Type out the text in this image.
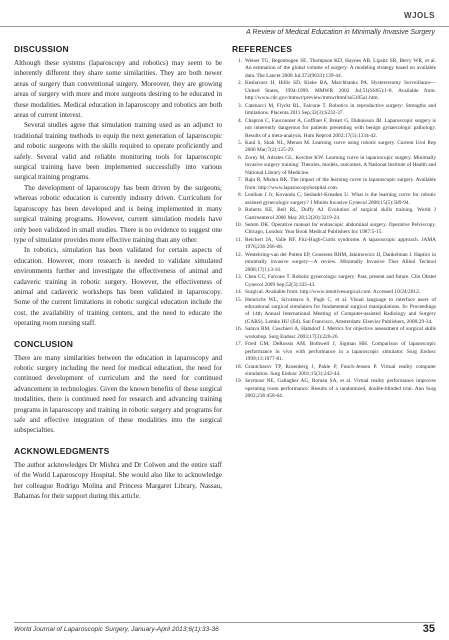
WJOLS
A Review of Medical Education in Minimally Invasive Surgery
DISCUSSION

Although these systems (laparoscopy and robotics) may seem to be inherently different they share some similarities. They are both newer areas of surgery than conventional surgery. Moreover, they are growing areas of surgery with more and more surgeons desiring to be educated in these modalities. Medical education in laparoscopy and robotics are both areas of current interest.

Several studies agree that simulation training used as an adjunct to traditional training methods to equip the next generation of laparoscopic and robotic surgeons with the skills required to operate proficiently and safely. Several valid and reliable monitoring tools for laparoscopic surgical training have been implemented successfully into various surgical training programs.

The development of laparoscopy has been driven by the surgeons; whereas robotic education is currently industry driven. Curriculum for laparoscopy has been developed and is being implemented in many surgical training programs. However, current simulation models have only been validated in small studies. There is no evidence to suggest one type of simulator provides more effective training than any other.

In robotics, simulation has been validated for certain aspects of education. However, more research is needed to validate simulated environments further and investigate the effectiveness of animal and cadaveric training in robotic surgery. However, the effectiveness of animal and cadaveric workshops has been validated in laparoscopy. Some of the current limitations in robotic surgical education include the cost, the availability of training centers, and the need to educate the operating room nursing staff.

CONCLUSION

There are many similarities between the education in laparoscopy and robotic surgery including the need for medical education, the need for continued development of curriculum and the need for continued advancement in technologies. Given the known benefits of these surgical modalities, there is continued need for research and advancing training programs in laparoscopy and training in robotic surgery and programs for safe and effective integration of these modalities into the surgical subspecialties.

ACKNOWLEDGMENTS

The author acknowledges Dr Mishra and Dr Colwen and the entire staff of the World Laparoscopy Hospital. She would also like to acknowledge her colleague Rodrigo Molina and Princess Margaret Library, Nassau, Bahamas for their support during this article.

REFERENCES
1. Weiser TG, Regenbogen SE, Thompson KD, Haynes AB, Lipsitz SR, Berry WR, et al. An estimation of the global volume of surgery: A modeling strategy based on available data. The Lancet 2008 Jul;372(9633):139-44.
2. Keshavarz H, Hillis SD, Kieke BA, Marchbanks PA. Hysterectomy Surveillance—United States, 1994-1999. MMWR 2002 Jul;51(SS05):1-8. Available from: http://www.cdc.gov/mmwr/preview/mmwrhtml/ss5105a1.htm.
3. Catenacci M, Flyckt RL, Falcone T. Robotics in reproductive surgery: Strengths and limitations. Placenta 2011 Sep;32(3):S232-37.
4. Chapron C, Fauconnier A, Goffinet F, Bréart G, Dubuisson JB. Laparoscopic surgery is not inherently dangerous for patients presenting with benign gynaecologic pathology. Results of a meta-analysis. Hum Reprod 2002;17(5):1334-42.
5. Kaul S, Shah NL, Menon M. Learning curve using robotic surgery. Current Urol Rep 2006 Mar;7(2):125-29.
6. Zorey M, Adrales GL, Kercher KW. Learning curve in laparoscopic surgery. Minimally invasive surgery training: Theories, models, outcomes. A National Institute of Health and National Library of Medicine.
7. Raju R, Mishra RK. The impact of the learning curve in laparoscopic surgery. Available from: http://www.laparoscopyhospital.com.
8. Lenihan J Jr, Kovanda C, Seshadri-Kreaden U. What is the learning curve for robotic assisted gynecologic surgery? J Minim Invasive Gynecol 2008;15(5):589-94.
9. Roberts KE, Bell RL, Duffy AJ. Evolution of surgical skills training. World J Gastroenterol 2006 May 28;12(20):3219-24.
10. Semm DK. Operative manual for endoscopic abdominal surgery. Operative Pelviscopy. Chicago, London: Year Book Medical Publishers Inc 1987:5-15.
11. Reichert JA, Valle RF. Fitz-Hugh-Curtis syndrome. A laparoscopic approach. JAMA 1976;236:266-68.
12. Westebring-van der Putten EP, Goossens RHM, Jakimowicz JJ, Dankelman J. Haptics in minimally invasive surgery—A review. Minimally Invasive Ther Allied Technol 2008;17(1):3-16.
13. Chen CC, Falcone T. Robotic gynecologic surgery: Past, present and future. Clin Obstet Gynecol 2009 Sep;52(3):335-43.
14. Surgical. Available from: http://www.intuitivesurgical.com. Accessed 10/24/2012.
15. Heinrichs WL, Srivastava S, Pugh C, et al. Visual language to interface users of educational surgical simulators for fundamental surgical manipulations. In: Proceedings of 14th Annual International Meeting of Computer-assisted Radiology and Surgery (CARS). Lemke HU (Ed). San Francisco, Amsterdam: Elsevier Publishers, 2000:29-34.
16. Satava RM, Cuschieri A, Hamdorf J. Metrics for objective assessment of surgical skills workshop. Surg Endosc 2003;17(3):220-26.
17. Fried GM, DeRossis AM, Bothwell J, Sigman HH. Comparison of laparoscopic performance in vivo with performance in a laparoscopic simulator. Surg Endosc 1999;13:1077-81.
18. Grantcharov TP, Rosenberg J, Pahle P, Funch-Jensen P. Virtual reality computer simulation. Surg Endosc 2001;15(3):242-44.
19. Seymour NE, Gallagher AG, Roman SA, et al. Virtual reality performance improves operating room performance: Results of a randomized, double-blinded trial. Ann Surg 2002;236:458-64.
World Journal of Laparoscopic Surgery, January-April 2013;6(1):33-36	35
